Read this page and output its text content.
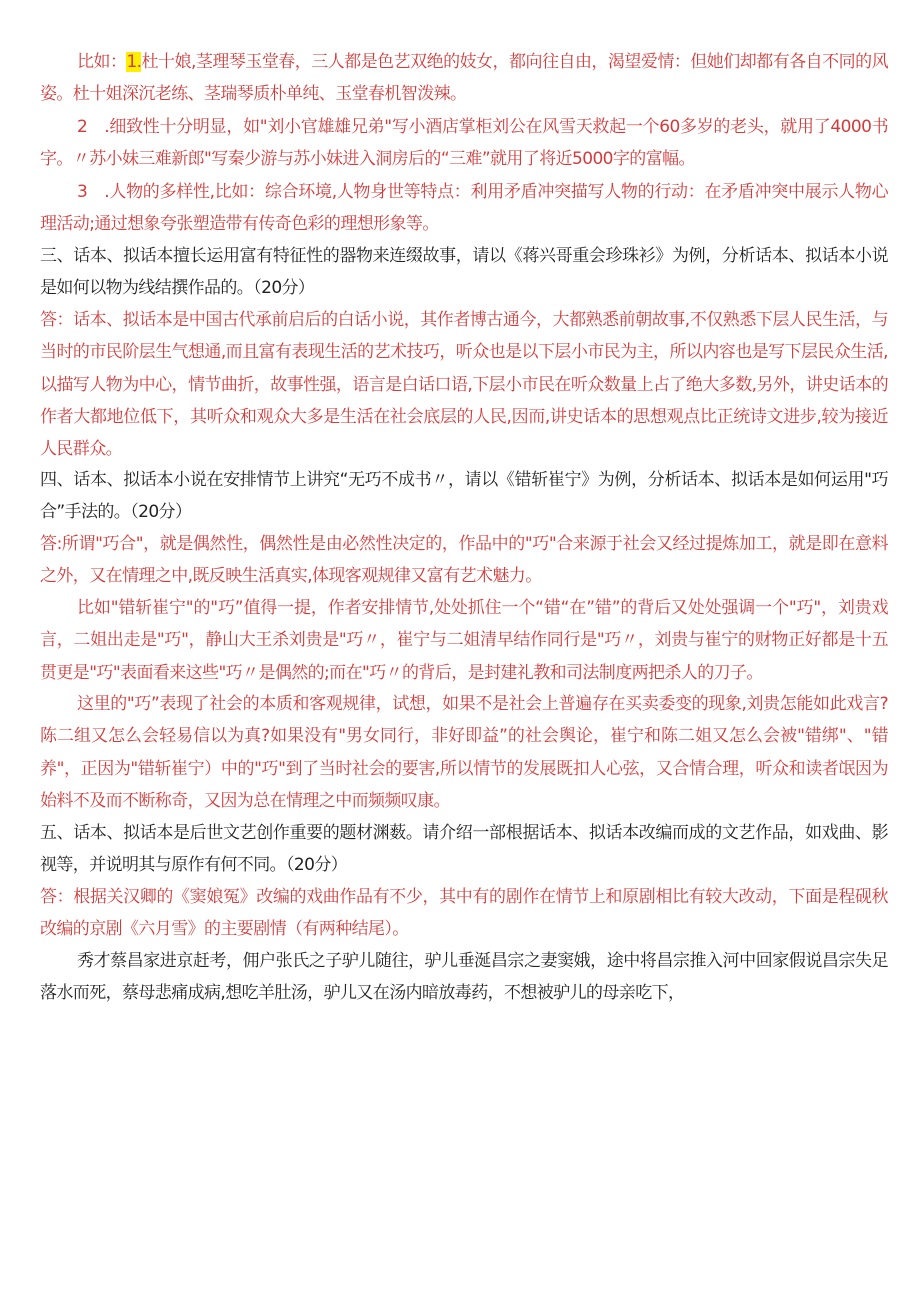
比如：1.杜十娘,茎理琴玉堂春，三人都是色艺双绝的妓女，都向往自由，渴望爱情：但她们却都有各自不同的风姿。杜十姐深沉老练、茎瑞琴质朴单纯、玉堂春机智泼辣。

2　.细致性十分明显，如"刘小官雄雄兄弟"写小酒店掌柜刘公在风雪天救起一个60多岁的老头，就用了4000书字。〃苏小妹三难新郎"写秦少游与苏小妹进入洞房后的“三难”就用了将近5000字的富幅。

3　.人物的多样性,比如：综合环境,人物身世等特点：利用矛盾冲突描写人物的行动：在矛盾冲突中展示人物心理活动;通过想象夸张塑造带有传奇色彩的理想形象等。

三、话本、拟话本擅长运用富有特征性的器物来连缀故事，请以《蒋兴哥重会珍珠衫》为例，分析话本、拟话本小说是如何以物为线结撰作品的。（20分）

答：话本、拟话本是中国古代承前启后的白话小说，其作者博古通今，大都熟悉前朝故事,不仅熟悉下层人民生活，与当时的市民阶层生气想通,而且富有表现生活的艺术技巧，听众也是以下层小市民为主，所以内容也是写下层民众生活,以描写人物为中心，情节曲折，故事性强，语言是白话口语,下层小市民在听众数量上占了绝大多数,另外，讲史话本的作者大都地位低下，其听众和观众大多是生活在社会底层的人民,因而,讲史话本的思想观点比正统诗文进步,较为接近人民群众。

四、话本、拟话本小说在安排情节上讲究“无巧不成书〃，请以《错斩崔宁》为例，分析话本、拟话本是如何运用"巧合”手法的。（20分）

答:所谓"巧合"，就是偶然性，偶然性是由必然性决定的，作品中的"巧"合来源于社会又经过提炼加工，就是即在意料之外，又在情理之中,既反映生活真实,体现客观规律又富有艺术魅力。

比如"错斩崔宁"的"巧”值得一提，作者安排情节,处处抓住一个“错“在”错”的背后又处处强调一个"巧"，刘贵戏言，二姐出走是"巧"，静山大王杀刘贵是"巧〃，崔宁与二姐清早结作同行是"巧〃，刘贵与崔宁的财物正好都是十五贯更是"巧"表面看来这些"巧〃是偶然的;而在"巧〃的背后，是封建礼教和司法制度两把杀人的刀子。

这里的"巧”表现了社会的本质和客观规律，试想，如果不是社会上普遍存在买卖委变的现象,刘贵怎能如此戏言?陈二组又怎么会轻易信以为真?如果没有"男女同行，非好即益”的社会舆论，崔宁和陈二姐又怎么会被"错绑"、"错养"，正因为"错斩崔宁）中的"巧"到了当时社会的要害,所以情节的发展既扣人心弦，又合情合理，听众和读者氓因为始料不及而不断称奇，又因为总在情理之中而频频叹康。

五、话本、拟话本是后世文艺创作重要的题材渊薮。请介绍一部根据话本、拟话本改编而成的文艺作品，如戏曲、影视等，并说明其与原作有何不同。（20分）

答：根据关汉卿的《窦娘冤》改编的戏曲作品有不少，其中有的剧作在情节上和原剧相比有较大改动，下面是程砚秋改编的京剧《六月雪》的主要剧情（有两种结尾）。

秀才蔡昌家进京赶考，佣户张氏之子驴儿随往，驴儿垂涎昌宗之妻窦娥，途中将昌宗推入河中回家假说昌宗失足落水而死，蔡母悲痛成病,想吃羊肚汤，驴儿又在汤内暗放毒药，不想被驴儿的母亲吃下，
